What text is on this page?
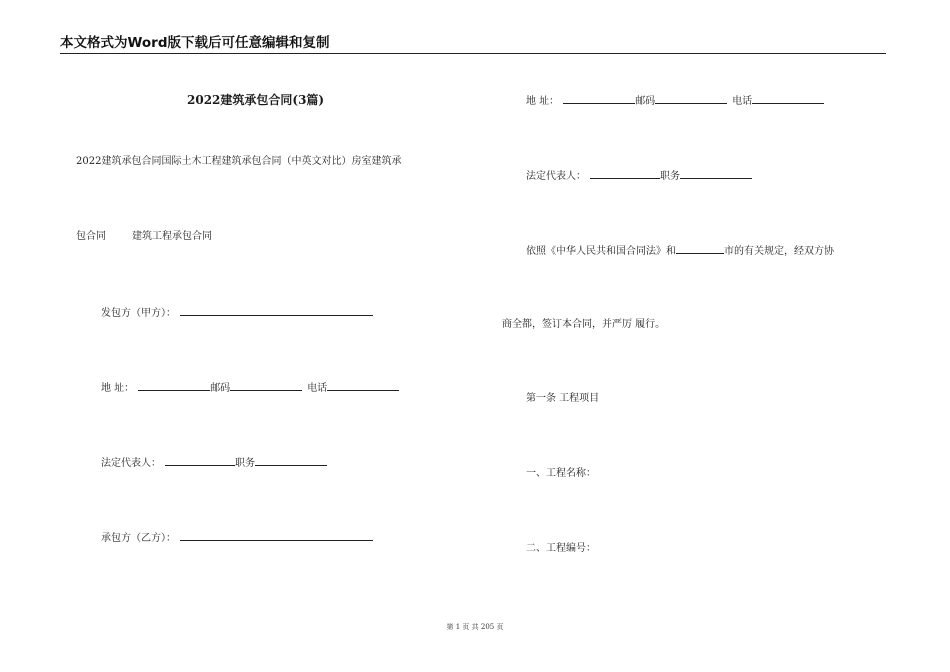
本文格式为Word版下载后可任意编辑和复制
2022建筑承包合同(3篇)
2022建筑承包合同国际土木工程建筑承包合同（中英文对比）房室建筑承
包合同	建筑工程承包合同
发包方（甲方）：
地 址：	邮码	电话
法定代表人：	职务
承包方（乙方）：
地 址：	邮码	电话
法定代表人：	职务
依照《中华人民共和国合同法》和	市的有关规定，经双方协
商全都，签订本合同，并严厉 履行。
第一条 工程项目
一、工程名称：
二、工程编号：
第 1 页 共 205 页
